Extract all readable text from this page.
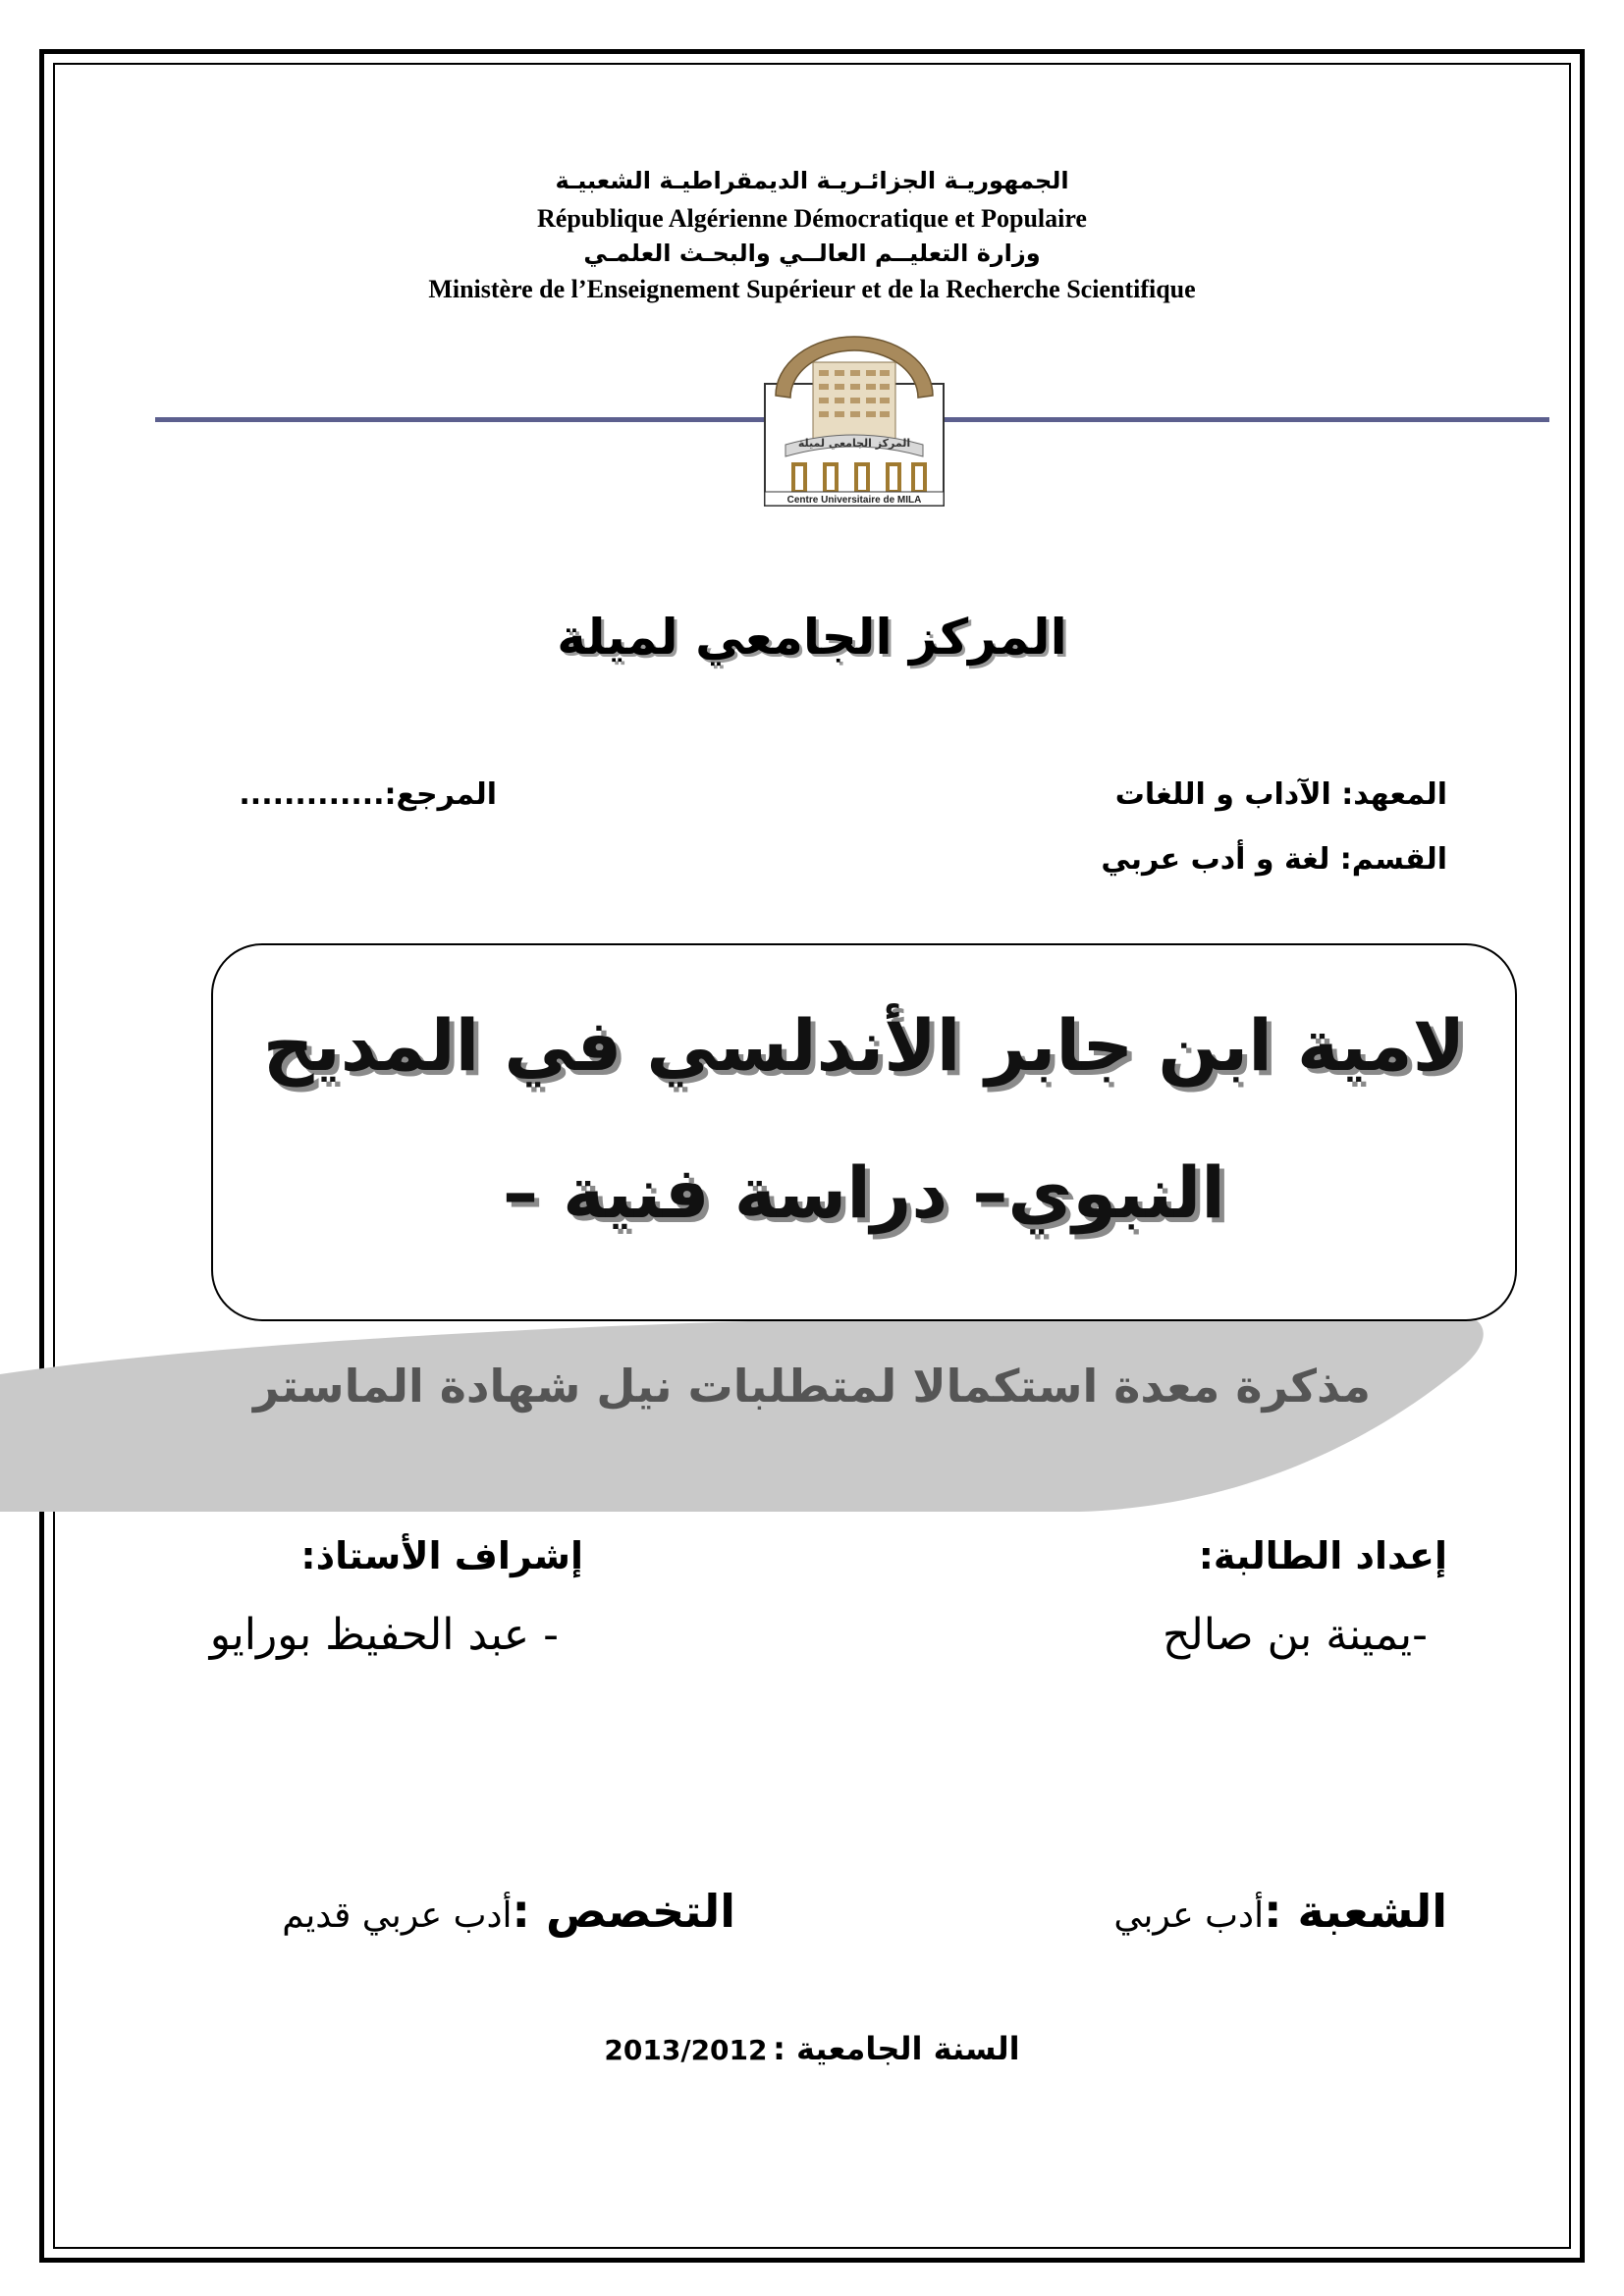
الجمهوريـة الجزائـريـة الديمقراطيـة الشعبيـة
République Algérienne Démocratique et Populaire
وزارة التعليــم العالــي والبحـث العلمـي
Ministère de l’Enseignement Supérieur et de la Recherche Scientifique
المركز الجامعي لميلة
Centre Universitaire de MILA
المركز الجامعي لميلة
المعهد: الآداب و اللغات
المرجع:.............
القسم: لغة و أدب عربي
لامية ابن جابر الأندلسي في المديح
النبوي– دراسة فنية –
مذكرة معدة استكمالا لمتطلبات نيل شهادة الماستر
إعداد الطالبة:
إشراف الأستاذ:
-يمينة بن صالح
- عبد الحفيظ بورايو
الشعبة :أدب عربي
التخصص :أدب عربي قديم
السنة الجامعية : 2013/2012
